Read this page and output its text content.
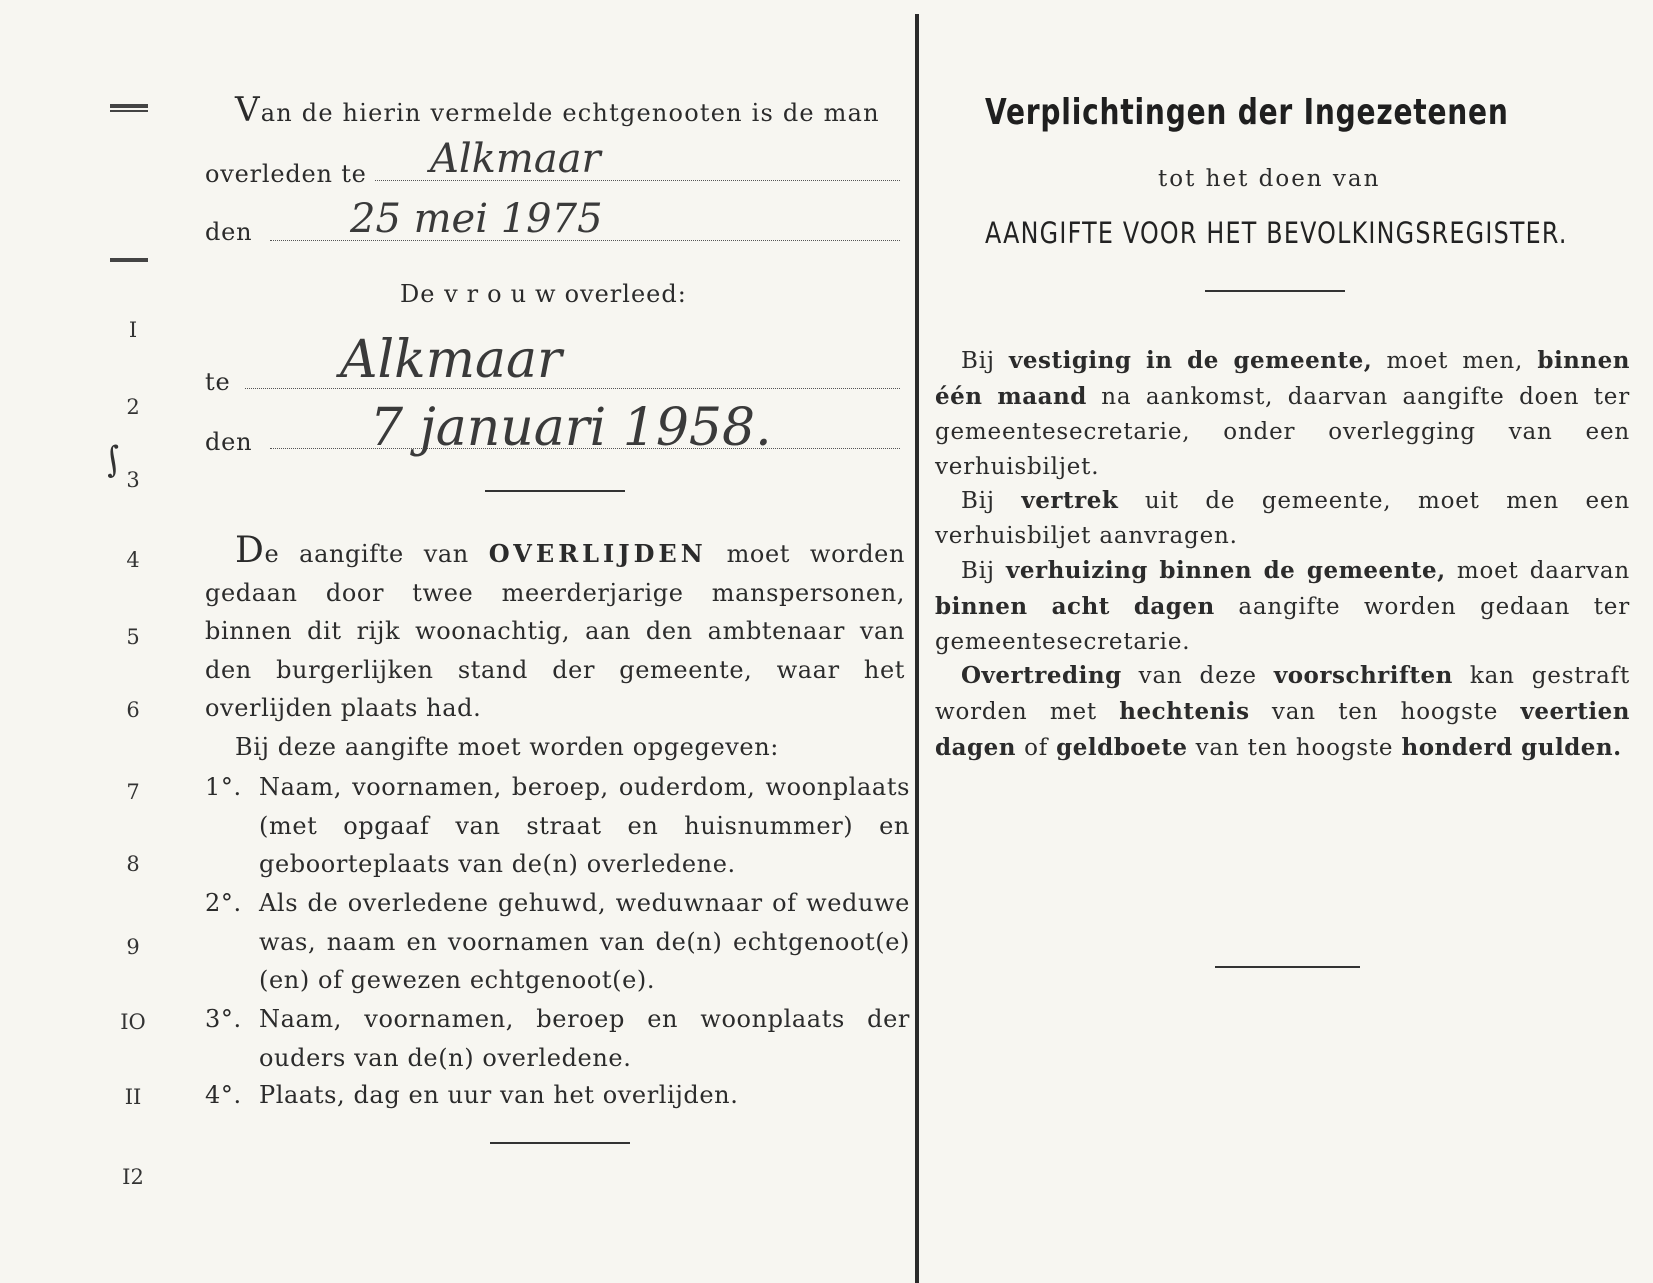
I
2
3
∫
4
5
6
7
8
9
IO
II
I2
Van de hierin vermelde echtgenooten is de man
overleden te Alkmaar
den 25 mei 1975
De vrouwoverleed:
te Alkmaar
den 7 januari 1958.
De aangifte van OVERLIJDEN moet worden gedaan door twee meerderjarige manspersonen, binnen dit rijk woonachtig, aan den ambtenaar van den burgerlijken stand der gemeente, waar het overlijden plaats had.
Bij deze aangifte moet worden opgegeven:
1°. Naam, voornamen, beroep, ouderdom, woonplaats (met opgaaf van straat en huisnummer) en geboorteplaats van de(n) overledene.
2°. Als de overledene gehuwd, weduwnaar of weduwe was, naam en voornamen van de(n) echtgenoot(e) (en) of gewezen echtgenoot(e).
3°. Naam, voornamen, beroep en woonplaats der ouders van de(n) overledene.
4°. Plaats, dag en uur van het overlijden.
Verplichtingen der Ingezetenen
tot het doen van
AANGIFTE VOOR HET BEVOLKINGSREGISTER.
Bij vestiging in de gemeente, moet men, binnen één maand na aankomst, daarvan aangifte doen ter gemeentesecretarie, onder overlegging van een verhuisbiljet.
Bij vertrek uit de gemeente, moet men een verhuisbiljet aanvragen.
Bij verhuizing binnen de gemeente, moet daarvan binnen acht dagen aangifte worden gedaan ter gemeentesecretarie.
Overtreding van deze voorschriften kan gestraft worden met hechtenis van ten hoogste veertien dagen of geldboete van ten hoogste honderd gulden.
